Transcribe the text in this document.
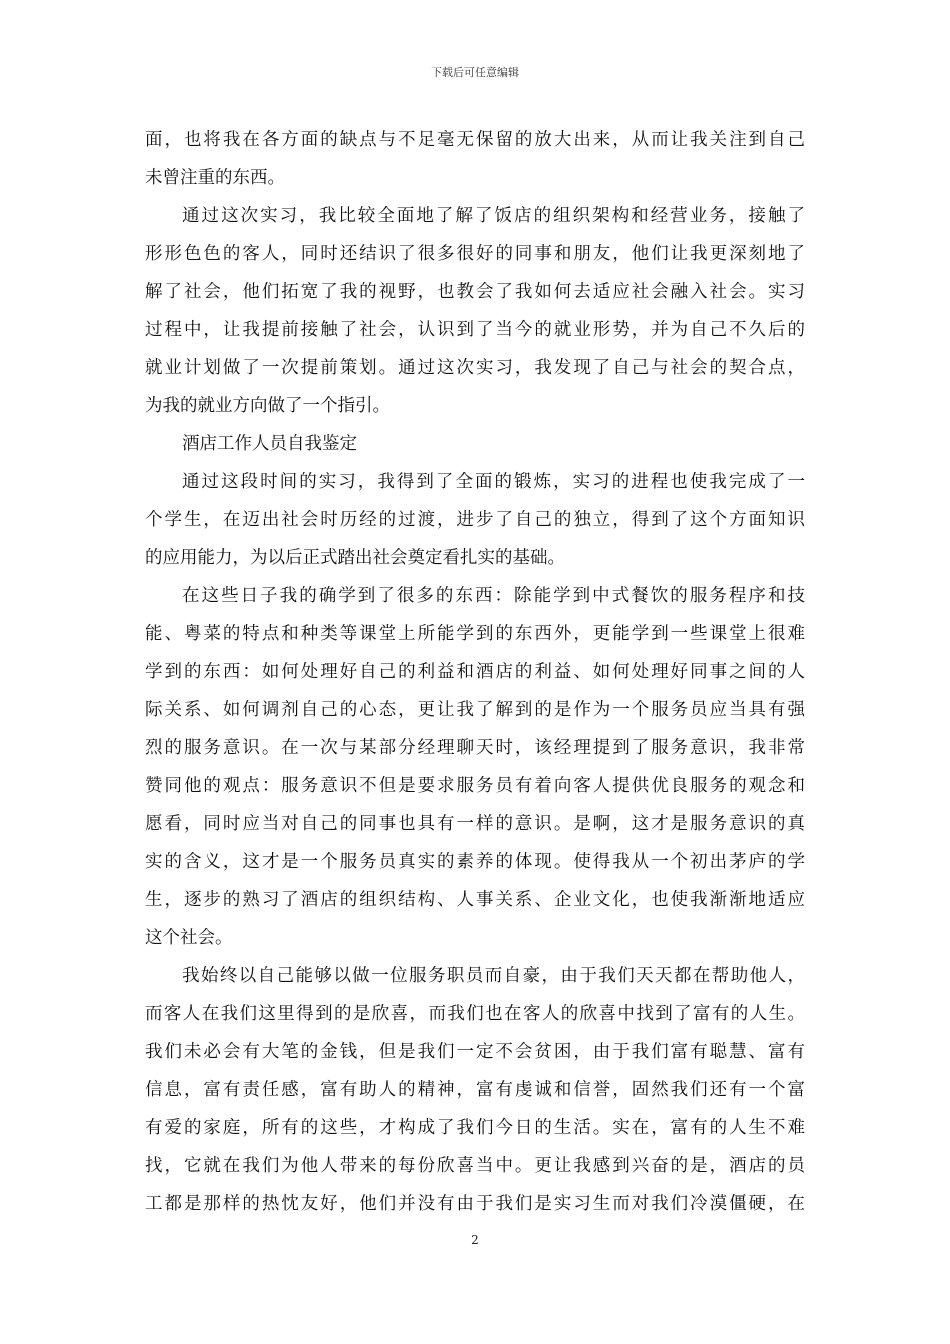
下载后可任意编辑
面，也将我在各方面的缺点与不足毫无保留的放大出来，从而让我关注到自己
未曾注重的东西。
通过这次实习，我比较全面地了解了饭店的组织架构和经营业务，接触了
形形色色的客人，同时还结识了很多很好的同事和朋友，他们让我更深刻地了
解了社会，他们拓宽了我的视野，也教会了我如何去适应社会融入社会。实习
过程中，让我提前接触了社会，认识到了当今的就业形势，并为自己不久后的
就业计划做了一次提前策划。通过这次实习，我发现了自己与社会的契合点，
为我的就业方向做了一个指引。
酒店工作人员自我鉴定
通过这段时间的实习，我得到了全面的锻炼，实习的进程也使我完成了一
个学生，在迈出社会时历经的过渡，进步了自己的独立，得到了这个方面知识
的应用能力，为以后正式踏出社会奠定看扎实的基础。
在这些日子我的确学到了很多的东西：除能学到中式餐饮的服务程序和技
能、粤菜的特点和种类等课堂上所能学到的东西外，更能学到一些课堂上很难
学到的东西：如何处理好自己的利益和酒店的利益、如何处理好同事之间的人
际关系、如何调剂自己的心态，更让我了解到的是作为一个服务员应当具有强
烈的服务意识。在一次与某部分经理聊天时，该经理提到了服务意识，我非常
赞同他的观点：服务意识不但是要求服务员有着向客人提供优良服务的观念和
愿看，同时应当对自己的同事也具有一样的意识。是啊，这才是服务意识的真
实的含义，这才是一个服务员真实的素养的体现。使得我从一个初出茅庐的学
生，逐步的熟习了酒店的组织结构、人事关系、企业文化，也使我渐渐地适应
这个社会。
我始终以自己能够以做一位服务职员而自豪，由于我们天天都在帮助他人，
而客人在我们这里得到的是欣喜，而我们也在客人的欣喜中找到了富有的人生。
我们未必会有大笔的金钱，但是我们一定不会贫困，由于我们富有聪慧、富有
信息，富有责任感，富有助人的精神，富有虔诚和信誉，固然我们还有一个富
有爱的家庭，所有的这些，才构成了我们今日的生活。实在，富有的人生不难
找，它就在我们为他人带来的每份欣喜当中。更让我感到兴奋的是，酒店的员
工都是那样的热忱友好，他们并没有由于我们是实习生而对我们冷漠僵硬，在
2
